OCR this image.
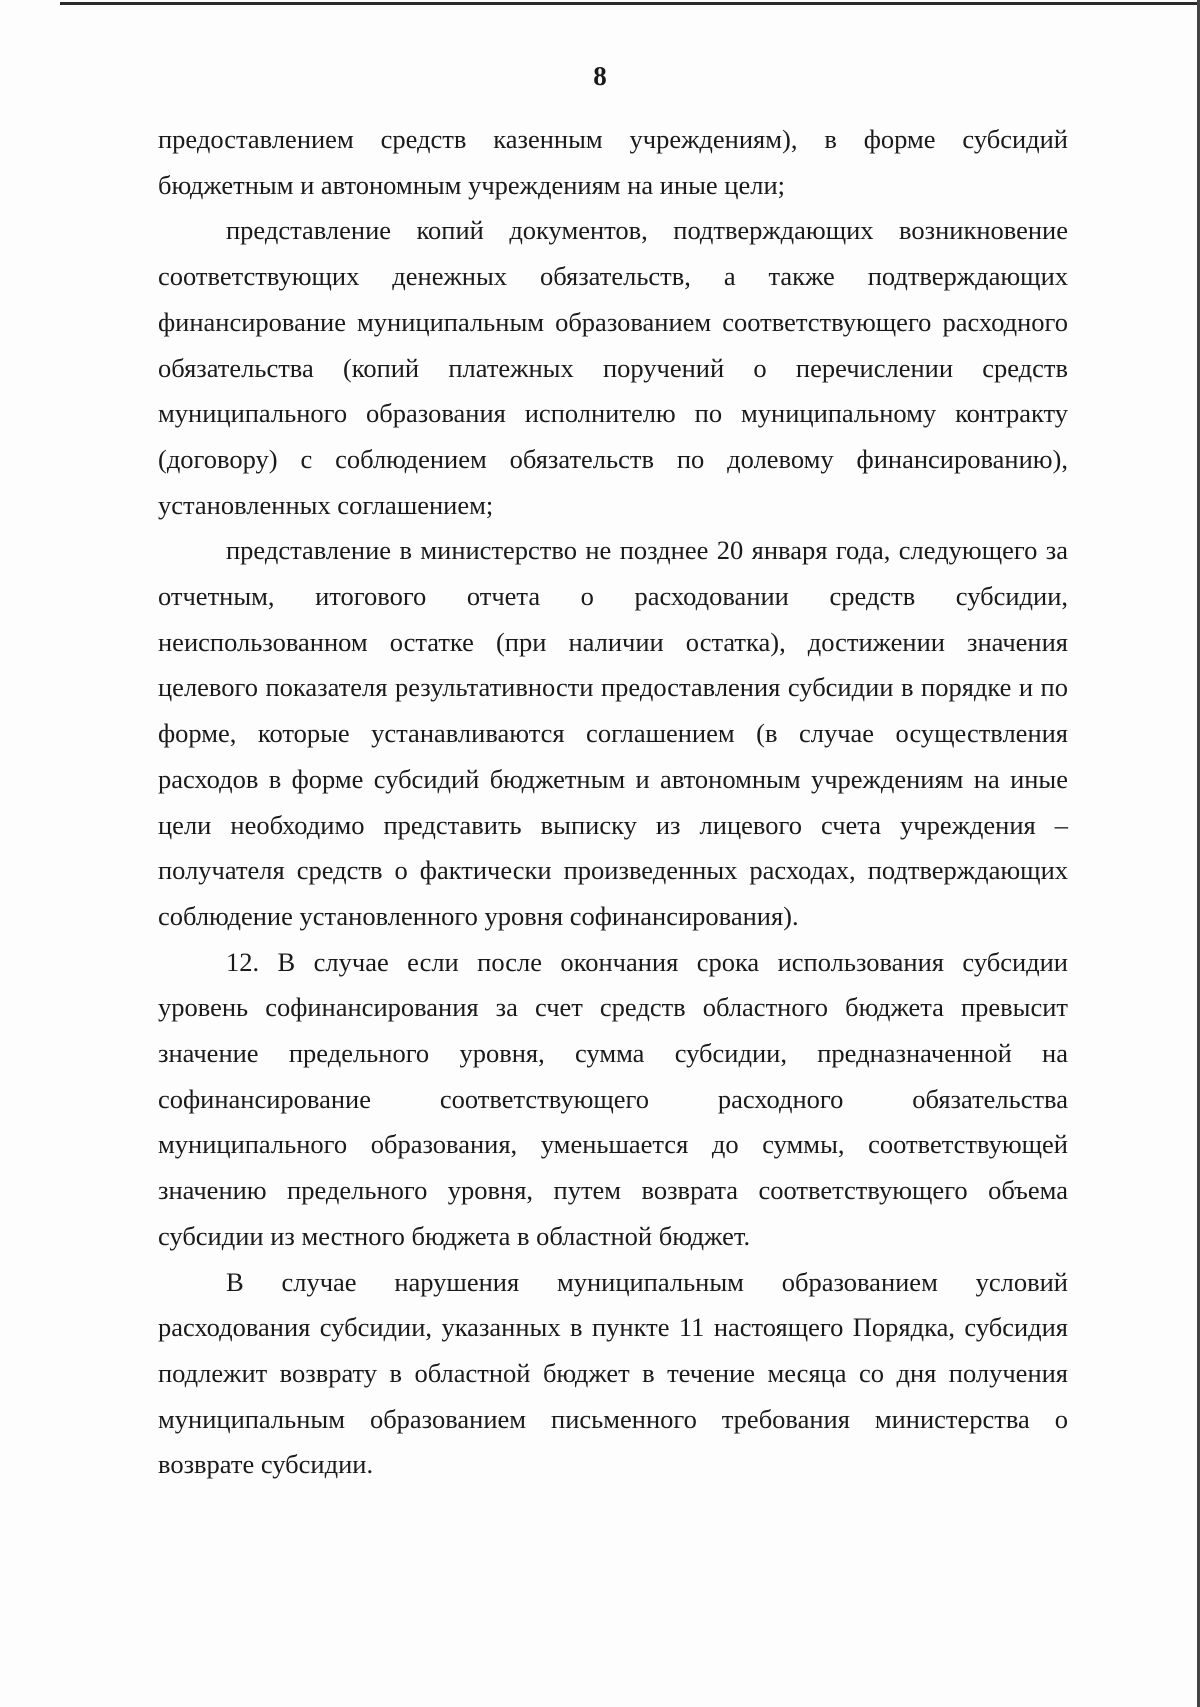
8

предоставлением средств казенным учреждениям), в форме субсидий бюджетным и автономным учреждениям на иные цели;

представление копий документов, подтверждающих возникновение соответствующих денежных обязательств, а также подтверждающих финансирование муниципальным образованием соответствующего расходного обязательства (копий платежных поручений о перечислении средств муниципального образования исполнителю по муниципальному контракту (договору) с соблюдением обязательств по долевому финансированию), установленных соглашением;

представление в министерство не позднее 20 января года, следующего за отчетным, итогового отчета о расходовании средств субсидии, неиспользованном остатке (при наличии остатка), достижении значения целевого показателя результативности предоставления субсидии в порядке и по форме, которые устанавливаются соглашением (в случае осуществления расходов в форме субсидий бюджетным и автономным учреждениям на иные цели необходимо представить выписку из лицевого счета учреждения – получателя средств о фактически произведенных расходах, подтверждающих соблюдение установленного уровня софинансирования).

12. В случае если после окончания срока использования субсидии уровень софинансирования за счет средств областного бюджета превысит значение предельного уровня, сумма субсидии, предназначенной на софинансирование соответствующего расходного обязательства муниципального образования, уменьшается до суммы, соответствующей значению предельного уровня, путем возврата соответствующего объема субсидии из местного бюджета в областной бюджет.

В случае нарушения муниципальным образованием условий расходования субсидии, указанных в пункте 11 настоящего Порядка, субсидия подлежит возврату в областной бюджет в течение месяца со дня получения муниципальным образованием письменного требования министерства о возврате субсидии.
